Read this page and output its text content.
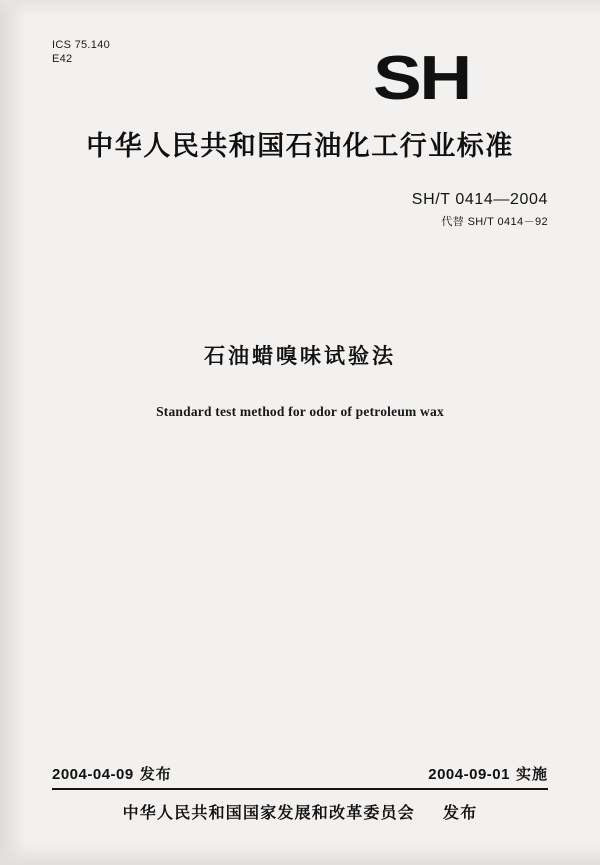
ICS 75.140
E42	SH
中华人民共和国石油化工行业标准
SH/T 0414—2004
代替 SH/T 0414－92
石油蜡嗅味试验法
Standard test method for odor of petroleum wax
2004-04-09 发布	2004-09-01 实施
中华人民共和国国家发展和改革委员会 发布
